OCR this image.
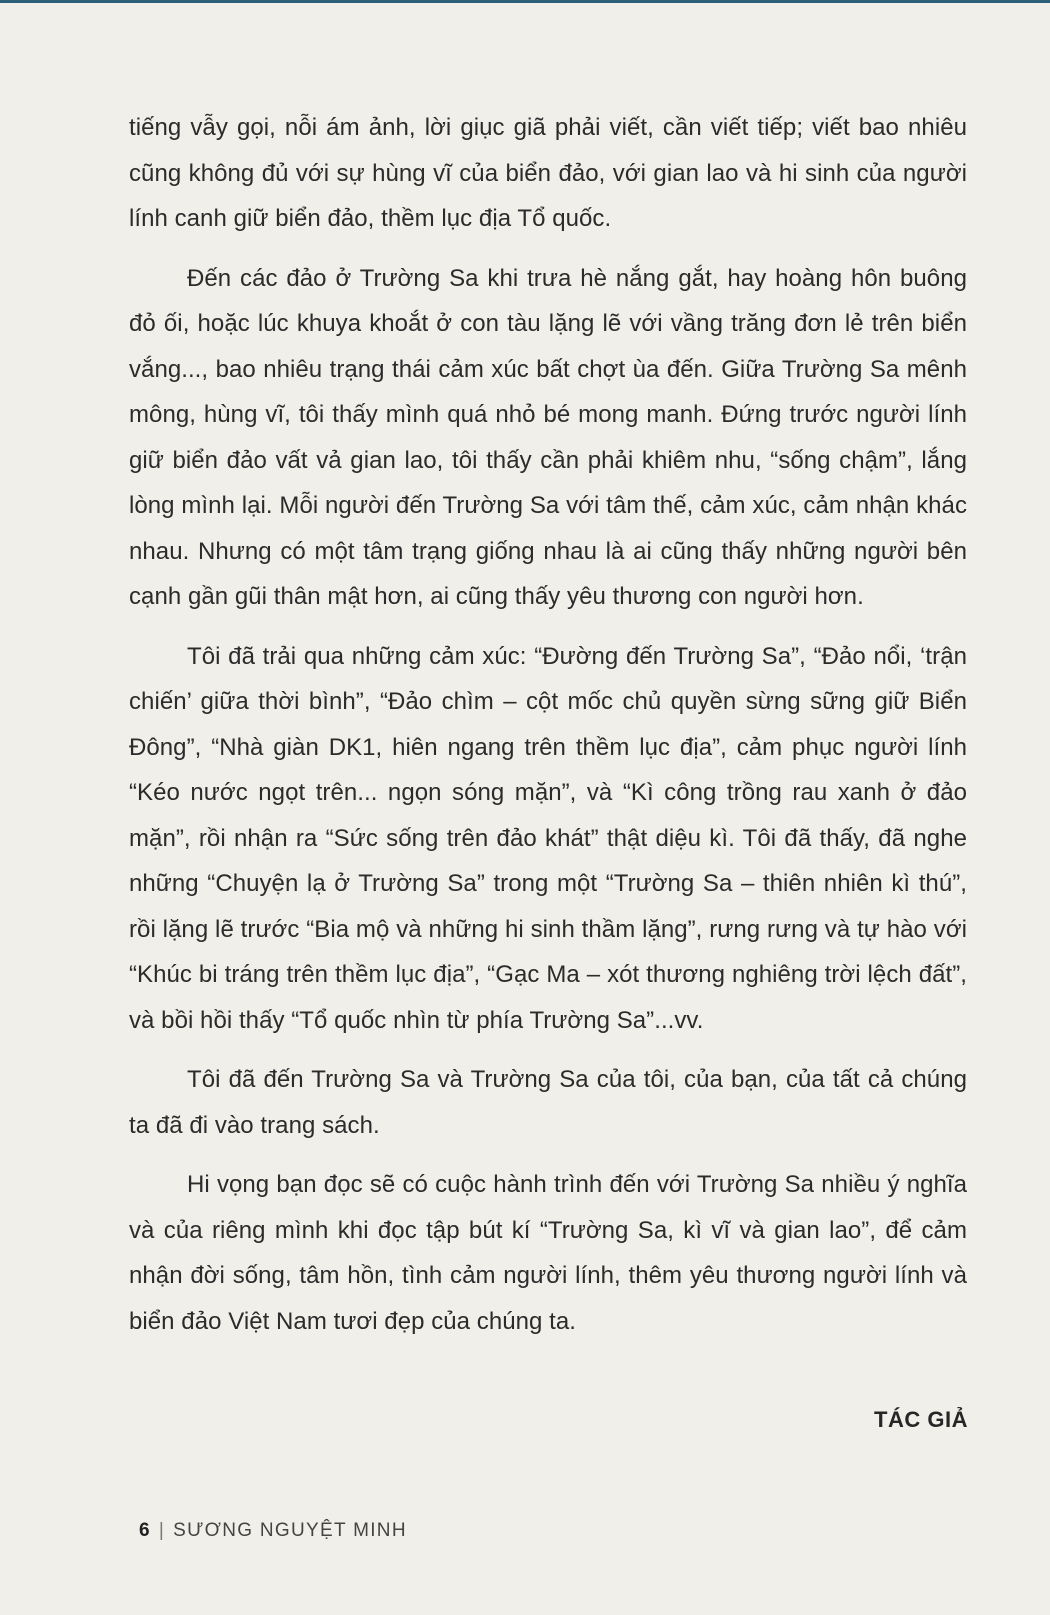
tiếng vẫy gọi, nỗi ám ảnh, lời giục giã phải viết, cần viết tiếp; viết bao nhiêu cũng không đủ với sự hùng vĩ của biển đảo, với gian lao và hi sinh của người lính canh giữ biển đảo, thềm lục địa Tổ quốc.

Đến các đảo ở Trường Sa khi trưa hè nắng gắt, hay hoàng hôn buông đỏ ối, hoặc lúc khuya khoắt ở con tàu lặng lẽ với vầng trăng đơn lẻ trên biển vắng..., bao nhiêu trạng thái cảm xúc bất chợt ùa đến. Giữa Trường Sa mênh mông, hùng vĩ, tôi thấy mình quá nhỏ bé mong manh. Đứng trước người lính giữ biển đảo vất vả gian lao, tôi thấy cần phải khiêm nhu, “sống chậm”, lắng lòng mình lại. Mỗi người đến Trường Sa với tâm thế, cảm xúc, cảm nhận khác nhau. Nhưng có một tâm trạng giống nhau là ai cũng thấy những người bên cạnh gần gũi thân mật hơn, ai cũng thấy yêu thương con người hơn.

Tôi đã trải qua những cảm xúc: “Đường đến Trường Sa”, “Đảo nổi, ‘trận chiến’ giữa thời bình”, “Đảo chìm – cột mốc chủ quyền sừng sững giữ Biển Đông”, “Nhà giàn DK1, hiên ngang trên thềm lục địa”, cảm phục người lính “Kéo nước ngọt trên... ngọn sóng mặn”, và “Kì công trồng rau xanh ở đảo mặn”, rồi nhận ra “Sức sống trên đảo khát” thật diệu kì. Tôi đã thấy, đã nghe những “Chuyện lạ ở Trường Sa” trong một “Trường Sa – thiên nhiên kì thú”, rồi lặng lẽ trước “Bia mộ và những hi sinh thầm lặng”, rưng rưng và tự hào với “Khúc bi tráng trên thềm lục địa”, “Gạc Ma – xót thương nghiêng trời lệch đất”, và bồi hồi thấy “Tổ quốc nhìn từ phía Trường Sa”...vv.

Tôi đã đến Trường Sa và Trường Sa của tôi, của bạn, của tất cả chúng ta đã đi vào trang sách.

Hi vọng bạn đọc sẽ có cuộc hành trình đến với Trường Sa nhiều ý nghĩa và của riêng mình khi đọc tập bút kí “Trường Sa, kì vĩ và gian lao”, để cảm nhận đời sống, tâm hồn, tình cảm người lính, thêm yêu thương người lính và biển đảo Việt Nam tươi đẹp của chúng ta.

TÁC GIẢ
6 | SƯƠNG NGUYỆT MINH
